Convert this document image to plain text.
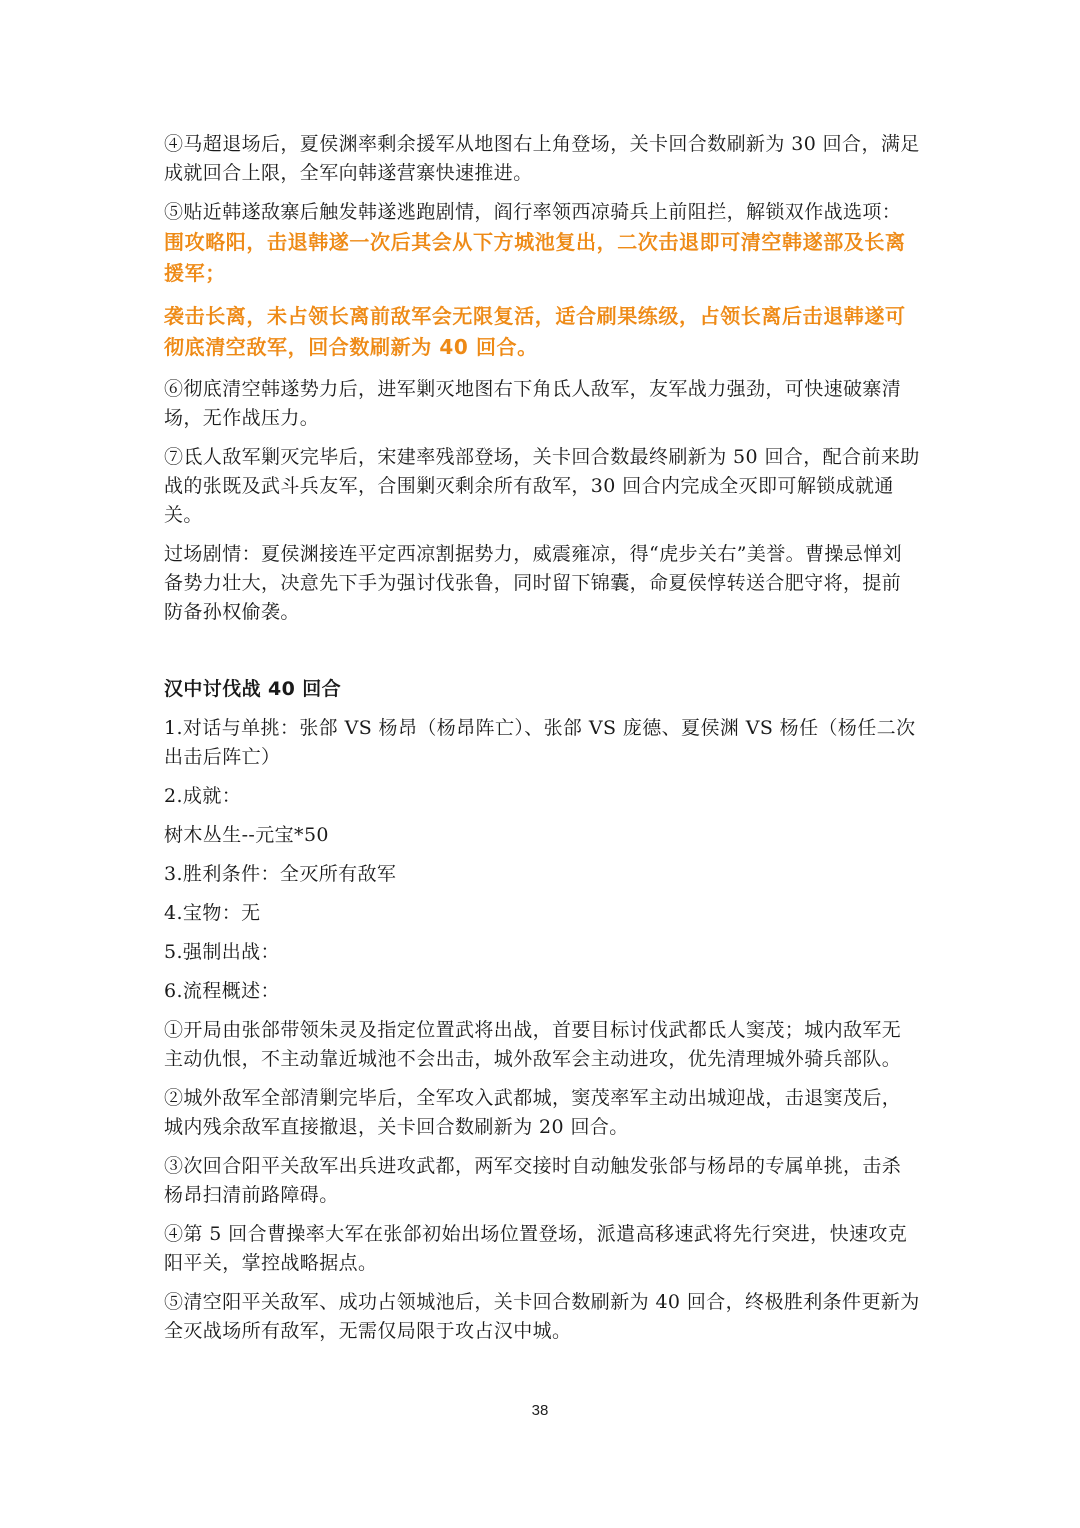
④马超退场后，夏侯渊率剩余援军从地图右上角登场，关卡回合数刷新为 30 回合，满足成就回合上限，全军向韩遂营寨快速推进。

⑤贴近韩遂敌寨后触发韩遂逃跑剧情，阎行率领西凉骑兵上前阻拦，解锁双作战选项：

围攻略阳，击退韩遂一次后其会从下方城池复出，二次击退即可清空韩遂部及长离援军；

袭击长离，未占领长离前敌军会无限复活，适合刷果练级，占领长离后击退韩遂可彻底清空敌军，回合数刷新为 40 回合。

⑥彻底清空韩遂势力后，进军剿灭地图右下角氐人敌军，友军战力强劲，可快速破寨清场，无作战压力。

⑦氐人敌军剿灭完毕后，宋建率残部登场，关卡回合数最终刷新为 50 回合，配合前来助战的张既及武斗兵友军，合围剿灭剩余所有敌军，30 回合内完成全灭即可解锁成就通关。

过场剧情：夏侯渊接连平定西凉割据势力，威震雍凉，得“虎步关右”美誉。曹操忌惮刘备势力壮大，决意先下手为强讨伐张鲁，同时留下锦囊，命夏侯惇转送合肥守将，提前防备孙权偷袭。

汉中讨伐战 40 回合

1.对话与单挑：张郃 VS 杨昂（杨昂阵亡）、张郃 VS 庞德、夏侯渊 VS 杨任（杨任二次出击后阵亡）

2.成就：

树木丛生--元宝*50

3.胜利条件：全灭所有敌军

4.宝物：无

5.强制出战：

6.流程概述：

①开局由张郃带领朱灵及指定位置武将出战，首要目标讨伐武都氐人窦茂；城内敌军无主动仇恨，不主动靠近城池不会出击，城外敌军会主动进攻，优先清理城外骑兵部队。

②城外敌军全部清剿完毕后，全军攻入武都城，窦茂率军主动出城迎战，击退窦茂后，城内残余敌军直接撤退，关卡回合数刷新为 20 回合。

③次回合阳平关敌军出兵进攻武都，两军交接时自动触发张郃与杨昂的专属单挑，击杀杨昂扫清前路障碍。

④第 5 回合曹操率大军在张郃初始出场位置登场，派遣高移速武将先行突进，快速攻克阳平关，掌控战略据点。

⑤清空阳平关敌军、成功占领城池后，关卡回合数刷新为 40 回合，终极胜利条件更新为全灭战场所有敌军，无需仅局限于攻占汉中城。

38
